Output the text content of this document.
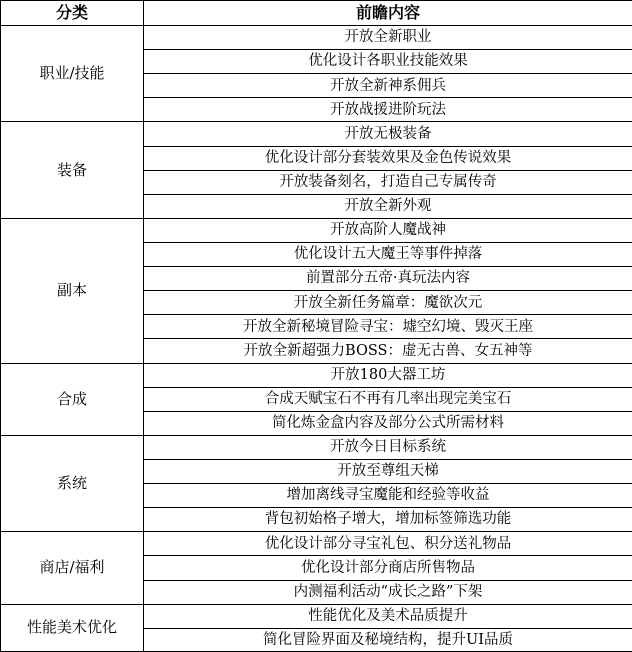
分类	前瞻内容
职业/技能	开放全新职业
	优化设计各职业技能效果
	开放全新神系佣兵
	开放战援进阶玩法
装备	开放无极装备
	优化设计部分套装效果及金色传说效果
	开放装备刻名，打造自己专属传奇
	开放全新外观
副本	开放高阶人魔战神
	优化设计五大魔王等事件掉落
	前置部分五帝·真玩法内容
	开放全新任务篇章：魔欲次元
	开放全新秘境冒险寻宝：墟空幻境、毁灭王座
	开放全新超强力BOSS：虚无古兽、女五神等
合成	开放180大器工坊
	合成天赋宝石不再有几率出现完美宝石
	简化炼金盒内容及部分公式所需材料
系统	开放今日目标系统
	开放至尊组天梯
	增加离线寻宝魔能和经验等收益
	背包初始格子增大，增加标签筛选功能
商店/福利	优化设计部分寻宝礼包、积分送礼物品
	优化设计部分商店所售物品
	内测福利活动“成长之路”下架
性能美术优化	性能优化及美术品质提升
	简化冒险界面及秘境结构，提升UI品质
